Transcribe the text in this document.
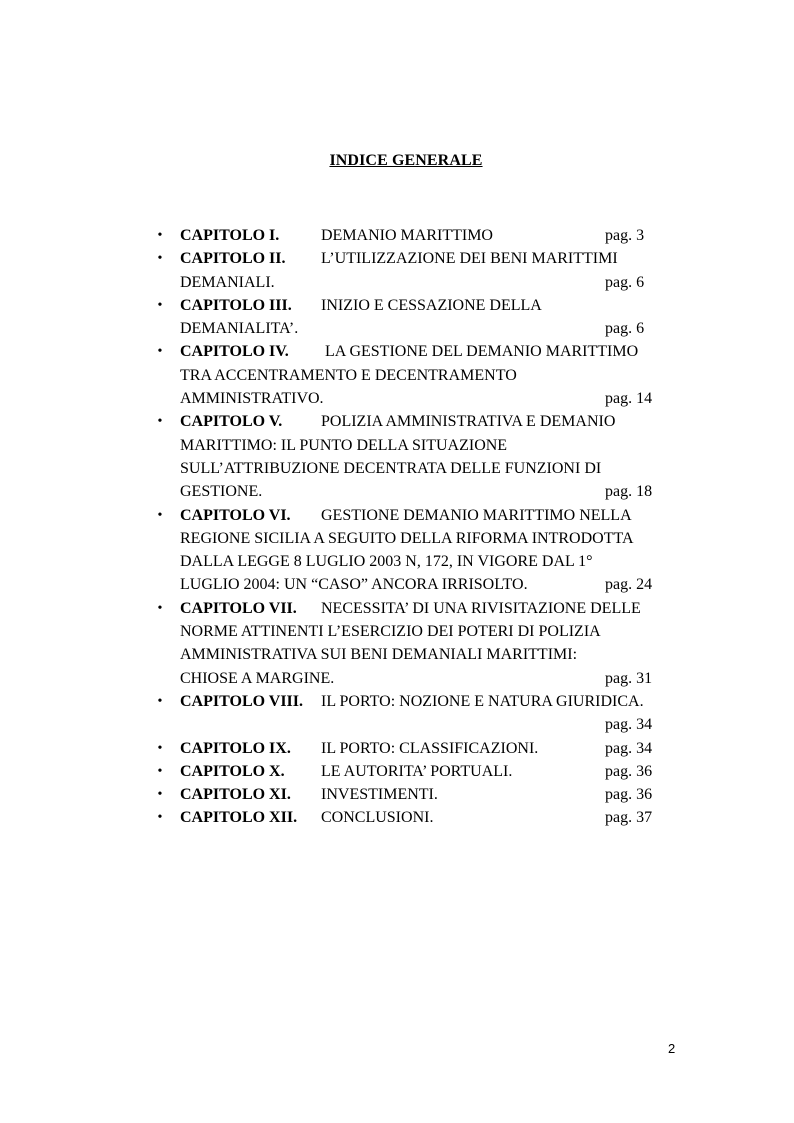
INDICE GENERALE
• CAPITOLO I.	DEMANIO MARITTIMO	pag. 3
• CAPITOLO II. L’UTILIZZAZIONE DEI BENI MARITTIMI
DEMANIALI.	pag. 6
• CAPITOLO III. INIZIO E CESSAZIONE DELLA
DEMANIALITA’.	pag. 6
• CAPITOLO IV. LA GESTIONE DEL DEMANIO MARITTIMO
TRA ACCENTRAMENTO E DECENTRAMENTO
AMMINISTRATIVO.	pag. 14
• CAPITOLO V. POLIZIA AMMINISTRATIVA E DEMANIO
MARITTIMO: IL PUNTO DELLA SITUAZIONE
SULL’ATTRIBUZIONE DECENTRATA DELLE FUNZIONI DI
GESTIONE.	pag. 18
• CAPITOLO VI. GESTIONE DEMANIO MARITTIMO NELLA
REGIONE SICILIA A SEGUITO DELLA RIFORMA INTRODOTTA
DALLA LEGGE 8 LUGLIO 2003 N, 172, IN VIGORE DAL 1°
LUGLIO 2004: UN “CASO” ANCORA IRRISOLTO.	pag. 24
• CAPITOLO VII. NECESSITA’ DI UNA RIVISITAZIONE DELLE
NORME ATTINENTI L’ESERCIZIO DEI POTERI DI POLIZIA
AMMINISTRATIVA SUI BENI DEMANIALI MARITTIMI:
CHIOSE A MARGINE.	pag. 31
• CAPITOLO VIII. IL PORTO: NOZIONE E NATURA GIURIDICA.
pag. 34
• CAPITOLO IX. IL PORTO: CLASSIFICAZIONI.	pag. 34
• CAPITOLO X. LE AUTORITA’ PORTUALI.	pag. 36
• CAPITOLO XI. INVESTIMENTI.	pag. 36
• CAPITOLO XII. CONCLUSIONI.	pag. 37
2
